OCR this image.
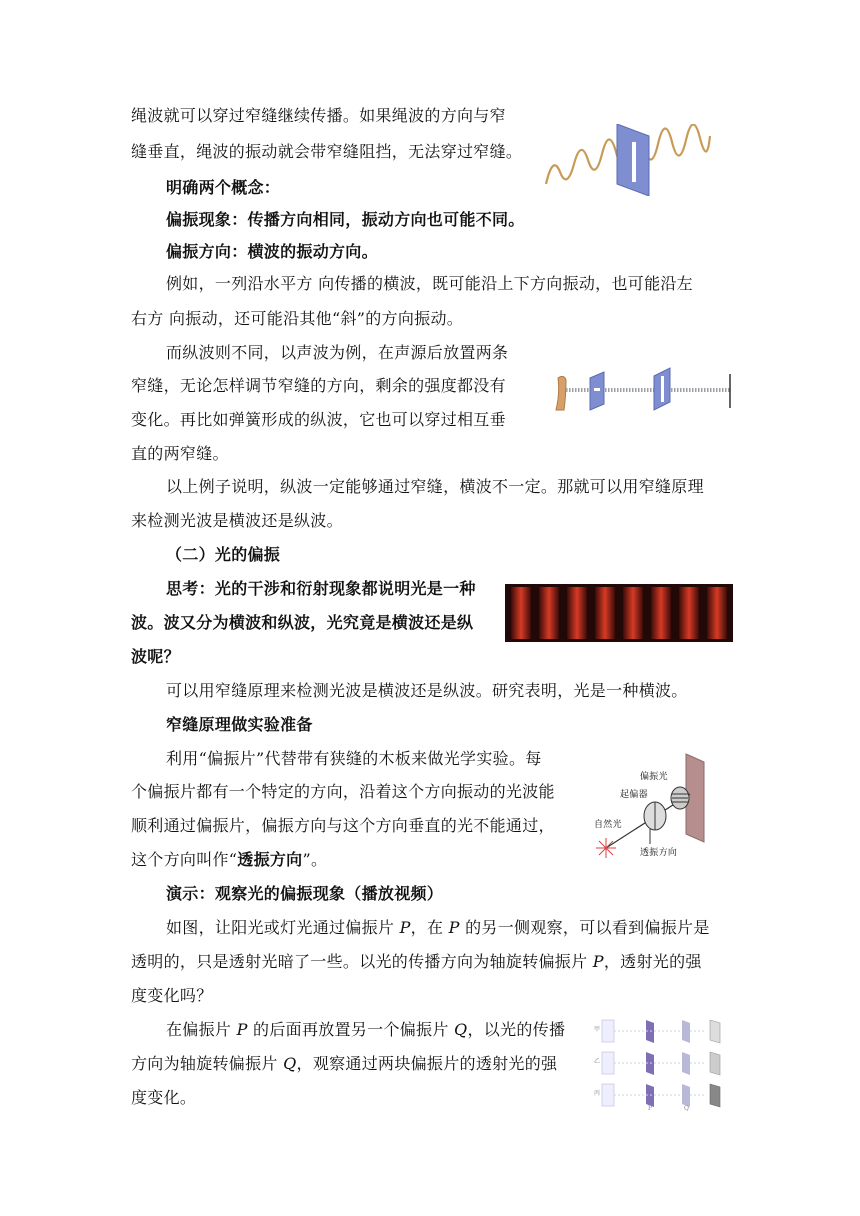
绳波就可以穿过窄缝继续传播。如果绳波的方向与窄
缝垂直，绳波的振动就会带窄缝阻挡，无法穿过窄缝。
明确两个概念：
偏振现象：传播方向相同，振动方向也可能不同。
偏振方向：横波的振动方向。
例如，一列沿水平方 向传播的横波，既可能沿上下方向振动，也可能沿左
右方 向振动，还可能沿其他“斜”的方向振动。
而纵波则不同，以声波为例，在声源后放置两条
窄缝，无论怎样调节窄缝的方向，剩余的强度都没有
变化。再比如弹簧形成的纵波，它也可以穿过相互垂
直的两窄缝。
以上例子说明，纵波一定能够通过窄缝，横波不一定。那就可以用窄缝原理
来检测光波是横波还是纵波。
（二）光的偏振
思考：光的干涉和衍射现象都说明光是一种
波。波又分为横波和纵波，光究竟是横波还是纵
波呢？
可以用窄缝原理来检测光波是横波还是纵波。研究表明，光是一种横波。
窄缝原理做实验准备
利用“偏振片”代替带有狭缝的木板来做光学实验。每
个偏振片都有一个特定的方向，沿着这个方向振动的光波能
顺利通过偏振片，偏振方向与这个方向垂直的光不能通过，
这个方向叫作“透振方向”。
演示：观察光的偏振现象（播放视频）
如图，让阳光或灯光通过偏振片 P，在 P 的另一侧观察，可以看到偏振片是
透明的，只是透射光暗了一些。以光的传播方向为轴旋转偏振片 P，透射光的强
度变化吗？
在偏振片 P 的后面再放置另一个偏振片 Q，以光的传播
方向为轴旋转偏振片 Q，观察通过两块偏振片的透射光的强
度变化。
偏振光
起偏器
自然光
透振方向
甲
乙
丙
P	Q
